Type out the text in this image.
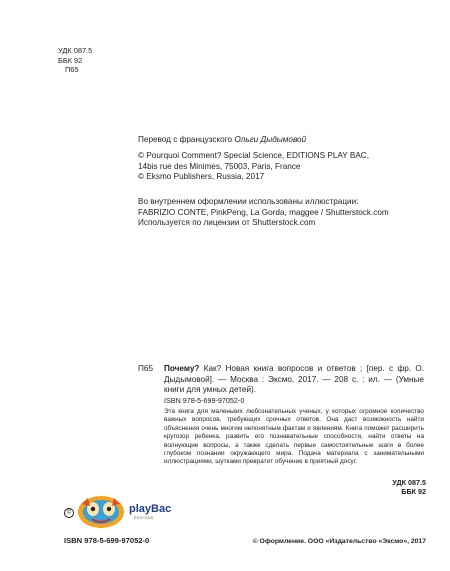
УДК 087.5
ББК 92
П65
Перевод с французского Ольги Дыдымовой
© Pourquoi Comment? Special Science, EDITIONS PLAY BAC,
14bis rue des Minimes, 75003, Paris, France
© Eksmo Publishers, Russia, 2017
Во внутреннем оформлении использованы иллюстрации:
FABRIZIO CONTE, PinkPeng, La Gorda, maggee / Shutterstock.com
Используется по лицензии от Shutterstock.com
П65 Почему? Как? Новая книга вопросов и ответов ; [пер. с фр. О. Дыдымовой]. — Москва : Эксмо, 2017. — 208 с. : ил. — (Умные книги для умных детей).
ISBN 978-5-699-97052-0
Эта книга для маленьких любознательных ученых, у которых огромное количество важных вопросов, требующих срочных ответов. Она даст возможность найти объяснения очень многим непонятным фактам и явлениям. Книга поможет расширить кругозор ребенка, развить его познавательные способности, найти ответы на волнующие вопросы, а также сделать первые самостоятельные шаги в более глубоком познании окружающего мира. Подача материала с занимательными иллюстрациями, шутками превратит обучение в приятный досуг.
УДК 087.5
ББК 92
©	playBac
ÉDITIONS
ISBN 978-5-699-97052-0	© Оформление. ООО «Издательство «Эксмо», 2017
